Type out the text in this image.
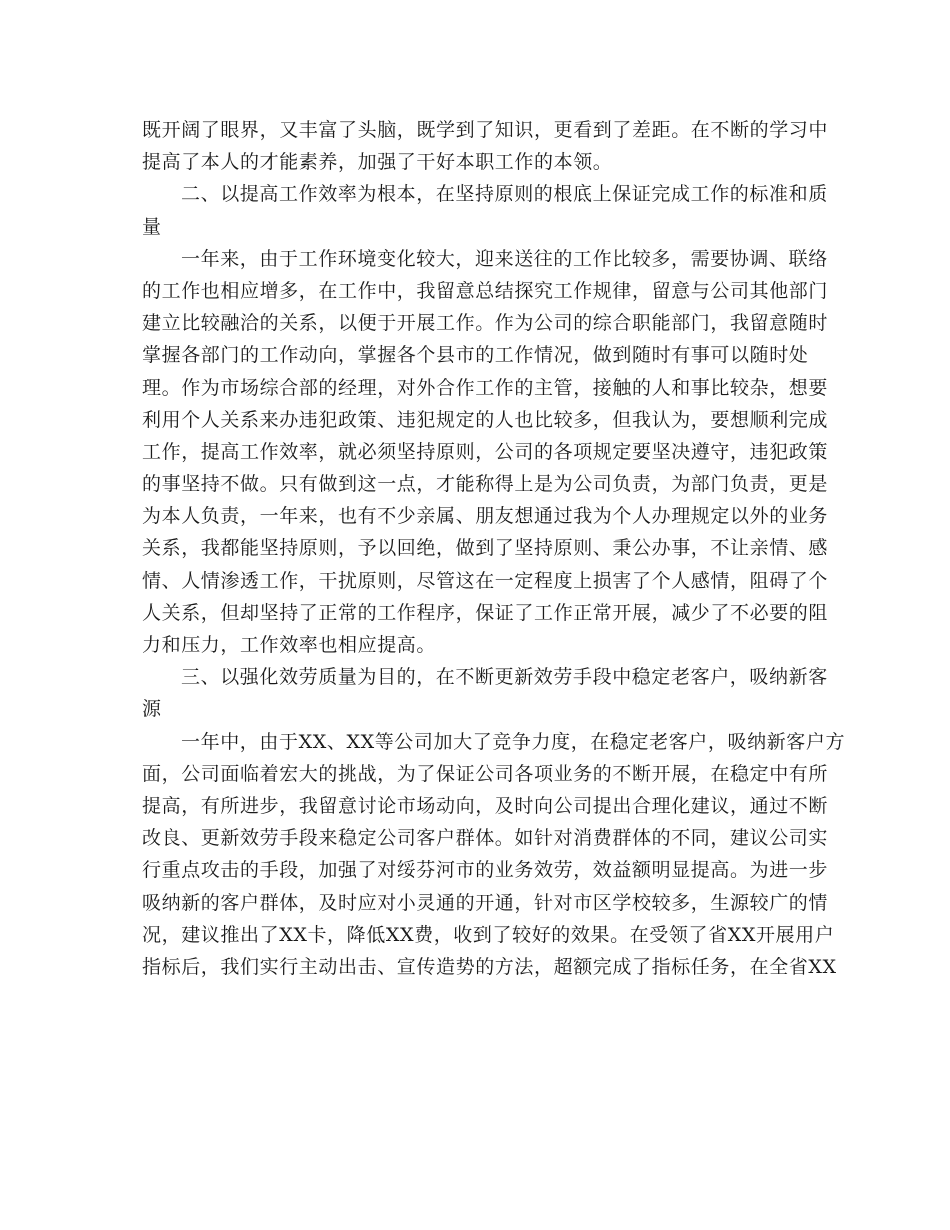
既开阔了眼界，又丰富了头脑，既学到了知识，更看到了差距。在不断的学习中
提高了本人的才能素养，加强了干好本职工作的本领。
二、以提高工作效率为根本，在坚持原则的根底上保证完成工作的标准和质
量
一年来，由于工作环境变化较大，迎来送往的工作比较多，需要协调、联络
的工作也相应增多，在工作中，我留意总结探究工作规律，留意与公司其他部门
建立比较融洽的关系，以便于开展工作。作为公司的综合职能部门，我留意随时
掌握各部门的工作动向，掌握各个县市的工作情况，做到随时有事可以随时处
理。作为市场综合部的经理，对外合作工作的主管，接触的人和事比较杂，想要
利用个人关系来办违犯政策、违犯规定的人也比较多，但我认为，要想顺利完成
工作，提高工作效率，就必须坚持原则，公司的各项规定要坚决遵守，违犯政策
的事坚持不做。只有做到这一点，才能称得上是为公司负责，为部门负责，更是
为本人负责，一年来，也有不少亲属、朋友想通过我为个人办理规定以外的业务
关系，我都能坚持原则，予以回绝，做到了坚持原则、秉公办事，不让亲情、感
情、人情渗透工作，干扰原则，尽管这在一定程度上损害了个人感情，阻碍了个
人关系，但却坚持了正常的工作程序，保证了工作正常开展，减少了不必要的阻
力和压力，工作效率也相应提高。
三、以强化效劳质量为目的，在不断更新效劳手段中稳定老客户，吸纳新客
源
一年中，由于XX、XX等公司加大了竞争力度，在稳定老客户，吸纳新客户方
面，公司面临着宏大的挑战，为了保证公司各项业务的不断开展，在稳定中有所
提高，有所进步，我留意讨论市场动向，及时向公司提出合理化建议，通过不断
改良、更新效劳手段来稳定公司客户群体。如针对消费群体的不同，建议公司实
行重点攻击的手段，加强了对绥芬河市的业务效劳，效益额明显提高。为进一步
吸纳新的客户群体，及时应对小灵通的开通，针对市区学校较多，生源较广的情
况，建议推出了XX卡，降低XX费，收到了较好的效果。在受领了省XX开展用户
指标后，我们实行主动出击、宣传造势的方法，超额完成了指标任务，在全省XX
